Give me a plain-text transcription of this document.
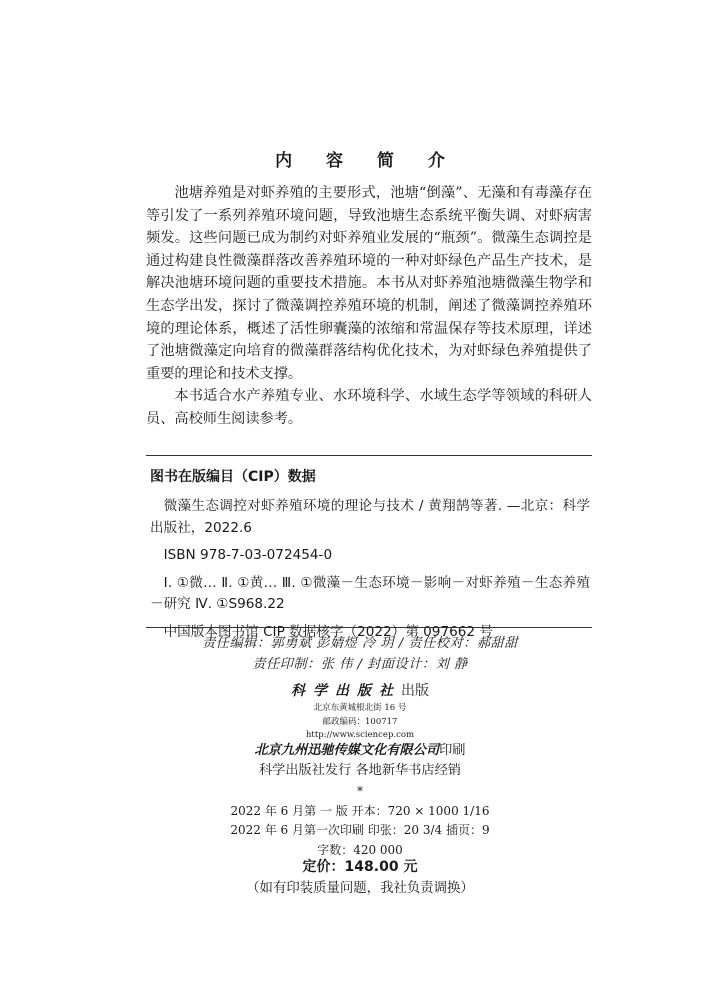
内 容 简 介

池塘养殖是对虾养殖的主要形式，池塘“倒藻”、无藻和有毒藻存在等引发了一系列养殖环境问题，导致池塘生态系统平衡失调、对虾病害频发。这些问题已成为制约对虾养殖业发展的“瓶颈”。微藻生态调控是通过构建良性微藻群落改善养殖环境的一种对虾绿色产品生产技术，是解决池塘环境问题的重要技术措施。本书从对虾养殖池塘微藻生物学和生态学出发，探讨了微藻调控养殖环境的机制，阐述了微藻调控养殖环境的理论体系，概述了活性卵囊藻的浓缩和常温保存等技术原理，详述了池塘微藻定向培育的微藻群落结构优化技术，为对虾绿色养殖提供了重要的理论和技术支撑。

本书适合水产养殖专业、水环境科学、水域生态学等领域的科研人员、高校师生阅读参考。

图书在版编目（CIP）数据

微藻生态调控对虾养殖环境的理论与技术 / 黄翔鹄等著. —北京：科学出版社，2022.6

ISBN 978-7-03-072454-0

Ⅰ. ①微… Ⅱ. ①黄… Ⅲ. ①微藻－生态环境－影响－对虾养殖－生态养殖－研究 Ⅳ. ①S968.22

中国版本图书馆 CIP 数据核字（2022）第 097662 号

责任编辑：郭勇斌 彭婧煜 冷 玥 / 责任校对：郝甜甜
责任印制：张 伟 / 封面设计：刘 静
科学出版社出版
北京东黄城根北街 16 号
邮政编码：100717
http://www.sciencep.com
北京九州迅驰传媒文化有限公司印刷
科学出版社发行 各地新华书店经销
*
2022 年 6 月第 一 版 开本：720 × 1000 1/16
2022 年 6 月第一次印刷 印张：20 3/4 插页：9
字数：420 000
定价：148.00 元
（如有印装质量问题，我社负责调换）
